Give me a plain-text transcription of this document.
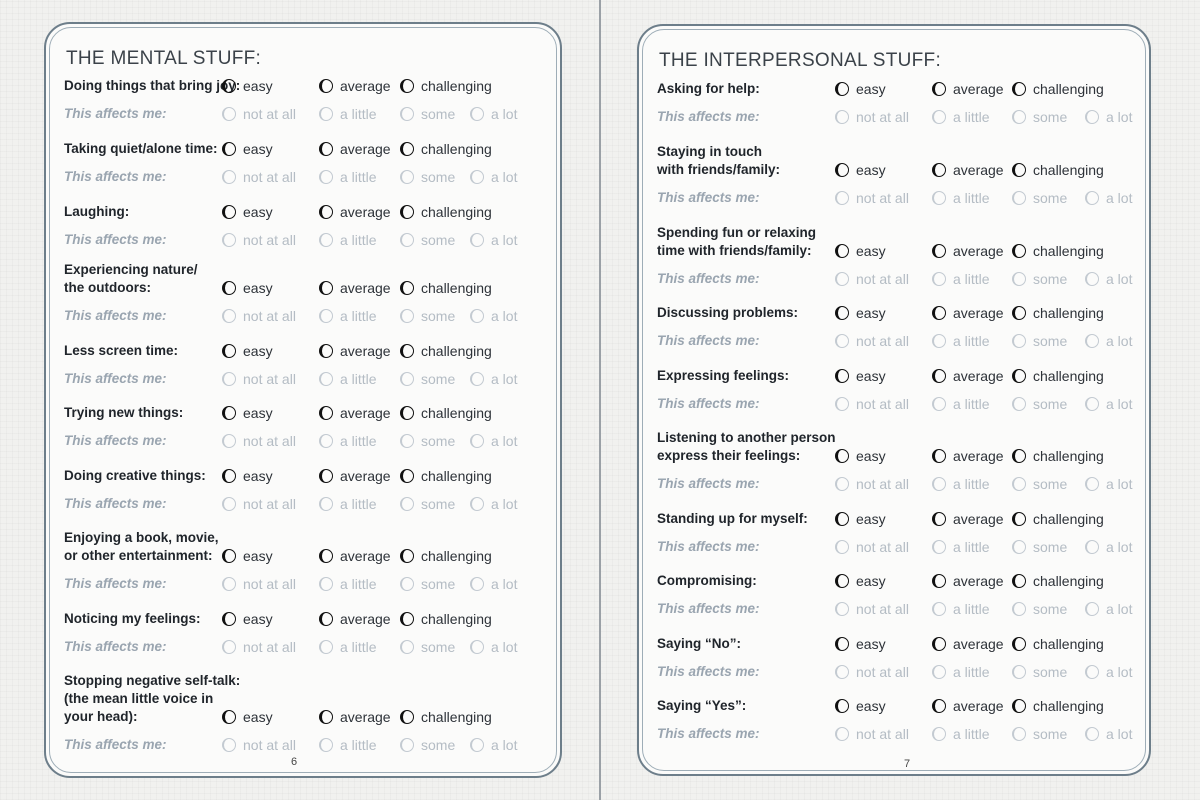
THE MENTAL STUFF:
6
Doing things that bring joy: easy	average challenging
This affects me:	not at all	a little	some	a lot
Taking quiet/alone time: easy	average challenging
This affects me:	not at all	a little	some	a lot
Laughing:	easy	average challenging
This affects me:	not at all	a little	some	a lot
Experiencing nature/
the outdoors:	easy	average challenging
This affects me:	not at all	a little	some	a lot
Less screen time:	easy	average challenging
This affects me:	not at all	a little	some	a lot
Trying new things:	easy	average challenging
This affects me:	not at all	a little	some	a lot
Doing creative things:	easy	average challenging
This affects me:	not at all	a little	some	a lot
Enjoying a book, movie,
or other entertainment:	easy	average challenging
This affects me:	not at all	a little	some	a lot
Noticing my feelings:	easy	average challenging
This affects me:	not at all	a little	some	a lot
Stopping negative self-talk:
(the mean little voice in
your head):	easy	average challenging
This affects me:	not at all	a little	some	a lot
THE INTERPERSONAL STUFF:
7
Asking for help:	easy	average challenging
This affects me:	not at all	a little	some	a lot
Staying in touch
with friends/family:	easy	average challenging
This affects me:	not at all	a little	some	a lot
Spending fun or relaxing
time with friends/family:	easy	average challenging
This affects me:	not at all	a little	some	a lot
Discussing problems:	easy	average challenging
This affects me:	not at all	a little	some	a lot
Expressing feelings:	easy	average challenging
This affects me:	not at all	a little	some	a lot
Listening to another person
express their feelings:	easy	average challenging
This affects me:	not at all	a little	some	a lot
Standing up for myself:	easy	average challenging
This affects me:	not at all	a little	some	a lot
Compromising:	easy	average challenging
This affects me:	not at all	a little	some	a lot
Saying “No”:	easy	average challenging
This affects me:	not at all	a little	some	a lot
Saying “Yes”:	easy	average challenging
This affects me:	not at all	a little	some	a lot
